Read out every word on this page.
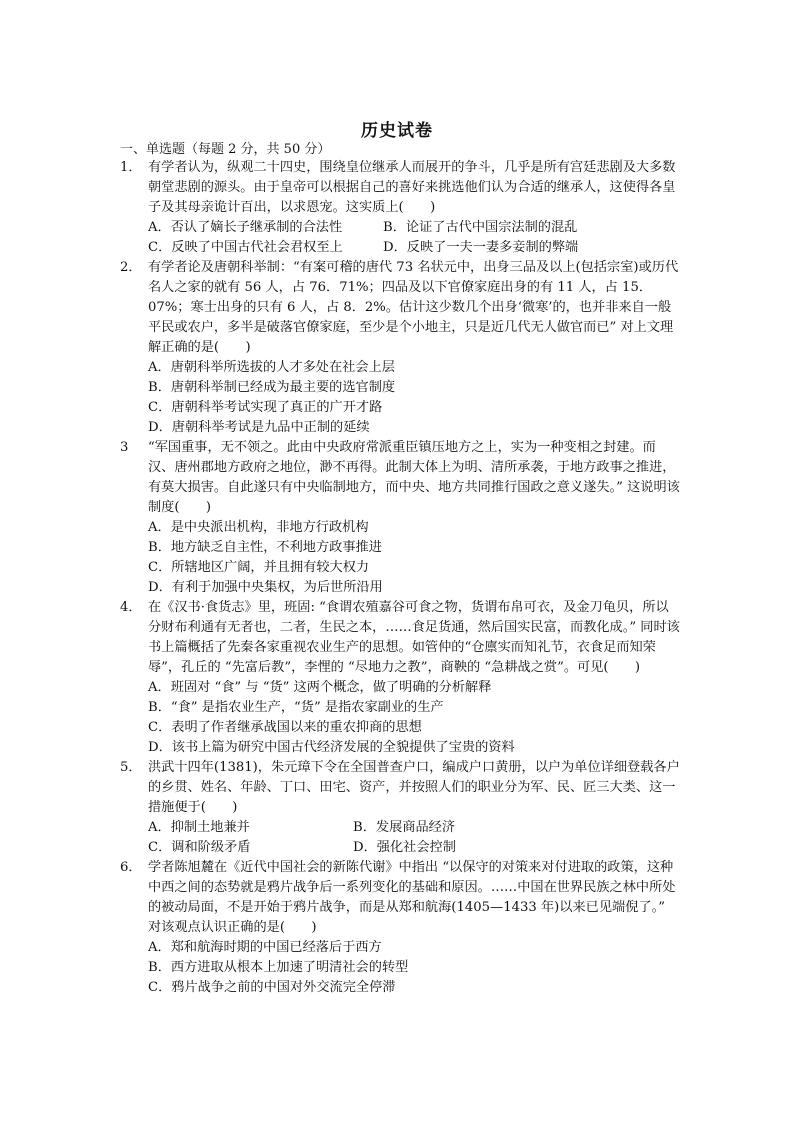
历史试卷
一、单选题（每题 2 分，共 50 分）
1． 有学者认为，纵观二十四史，围绕皇位继承人而展开的争斗，几乎是所有宫廷悲剧及大多数朝堂悲剧的源头。由于皇帝可以根据自己的喜好来挑选他们认为合适的继承人，这使得各皇子及其母亲诡计百出，以求恩宠。这实质上(　　)

A．否认了嫡长子继承制的合法性	B．论证了古代中国宗法制的混乱

C．反映了中国古代社会君权至上	D．反映了一夫一妻多妾制的弊端

2． 有学者论及唐朝科举制：“有案可稽的唐代 73 名状元中，出身三品及以上(包括宗室)或历代名人之家的就有 56 人，占 76．71%；四品及以下官僚家庭出身的有 11 人，占 15．07%；寒士出身的只有 6 人，占 8．2%。估计这少数几个出身‘微寒’的，也并非来自一般平民或农户，多半是破落官僚家庭，至少是个小地主，只是近几代无人做官而已” 对上文理解正确的是(　　)

A．唐朝科举所选拔的人才多处在社会上层

B．唐朝科举制已经成为最主要的选官制度

C．唐朝科举考试实现了真正的广开才路

D．唐朝科举考试是九品中正制的延续

3 “军国重事，无不领之。此由中央政府常派重臣镇压地方之上，实为一种变相之封建。而汉、唐州郡地方政府之地位，渺不再得。此制大体上为明、清所承袭，于地方政事之推进，有莫大损害。自此遂只有中央临制地方，而中央、地方共同推行国政之意义遂失。” 这说明该制度(　　)

A．是中央派出机构，非地方行政机构

B．地方缺乏自主性，不利地方政事推进

C．所辖地区广阔，并且拥有较大权力

D．有利于加强中央集权，为后世所沿用

4． 在《汉书·食货志》里，班固: “食谓农殖嘉谷可食之物，货谓布帛可衣，及金刀龟贝，所以分财布利通有无者也，二者，生民之本，……食足货通，然后国实民富，而教化成。” 同时该书上篇概括了先秦各家重视农业生产的思想。如管仲的“仓廪实而知礼节，衣食足而知荣辱”，孔丘的 “先富后教”，李悝的 “尽地力之教”，商鞅的 “急耕战之赏”。可见(　　)

A．班固对 “食” 与 “货” 这两个概念，做了明确的分析解释

B．“食” 是指农业生产，“货” 是指农家副业的生产

C．表明了作者继承战国以来的重农抑商的思想

D．该书上篇为研究中国古代经济发展的全貌提供了宝贵的资料

5． 洪武十四年(1381)，朱元璋下令在全国普查户口，编成户口黄册，以户为单位详细登载各户的乡贯、姓名、年龄、丁口、田宅、资产，并按照人们的职业分为军、民、匠三大类、这一措施便于(　　)

A．抑制土地兼并	B．发展商品经济

C．调和阶级矛盾	D．强化社会控制

6． 学者陈旭麓在《近代中国社会的新陈代谢》中指出 “以保守的对策来对付进取的政策，这种中西之间的态势就是鸦片战争后一系列变化的基础和原因。……中国在世界民族之林中所处的被动局面，不是开始于鸦片战争，而是从郑和航海(1405—1433 年)以来已见端倪了。” 对该观点认识正确的是(　　)

A．郑和航海时期的中国已经落后于西方

B．西方进取从根本上加速了明清社会的转型

C．鸦片战争之前的中国对外交流完全停滞
